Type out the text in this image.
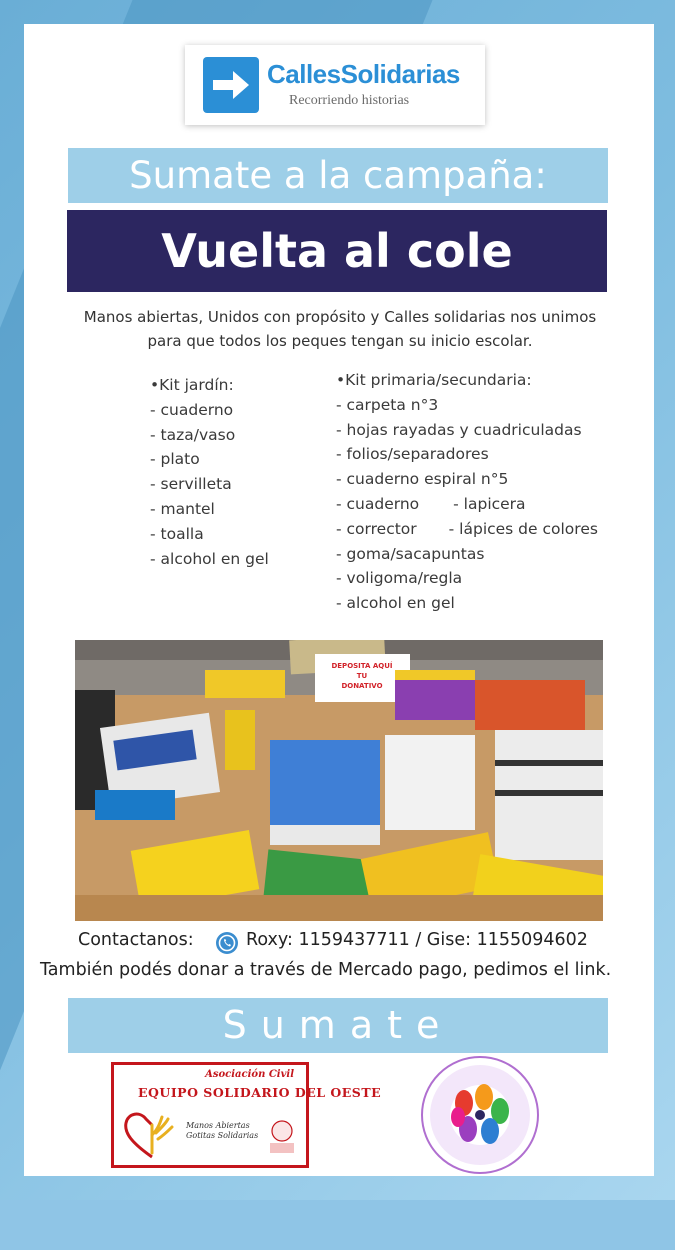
CallesSolidarias
Recorriendo historias
Sumate a la campaña:
Vuelta al cole
Manos abiertas, Unidos con propósito y Calles solidarias nos unimos
para que todos los peques tengan su inicio escolar.
•Kit jardín:
- cuaderno
- taza/vaso
- plato
- servilleta
- mantel
- toalla
- alcohol en gel
•Kit primaria/secundaria:
- carpeta n°3
- hojas rayadas y cuadriculadas
- folios/separadores
- cuaderno espiral n°5
- cuaderno - lapicera
- corrector - lápices de colores
- goma/sacapuntas
- voligoma/regla
- alcohol en gel
DEPOSITA AQUÍ
TU
DONATIVO
Contactanos:	Roxy: 1159437711 / Gise: 1155094602
También podés donar a través de Mercado pago, pedimos el link.
Sumate
Asociación Civil
EQUIPO SOLIDARIO DEL OESTE
Manos Abiertas
Gotitas Solidarias
